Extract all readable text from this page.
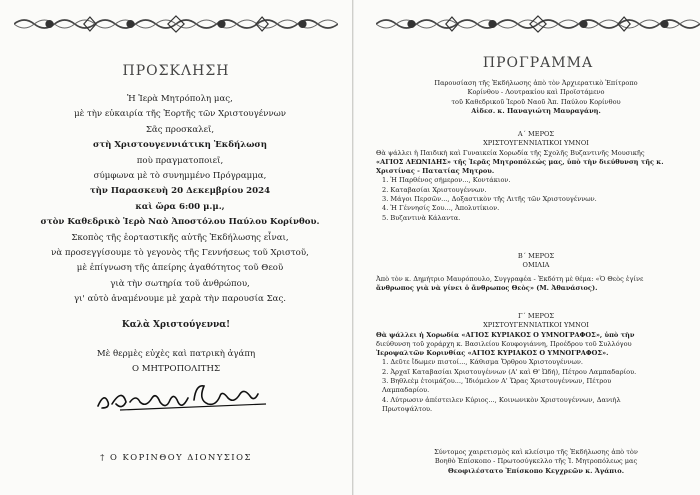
ΠΡΟΣΚΛΗΣΗ
Ἡ Ἱερὰ Μητρόπολη μας,
μὲ τὴν εὐκαιρία τῆς Ἑορτῆς τῶν Χριστουγέννων
Σᾶς προσκαλεῖ,
στὴ Χριστουγεννιάτικη Ἐκδήλωση
ποὺ πραγματοποιεῖ,
σύμφωνα μὲ τὸ συνημμένο Πρόγραμμα,
τὴν Παρασκευὴ 20 Δεκεμβρίου 2024
καὶ ὥρα 6:00 μ.μ.,
στὸν Καθεδρικὸ Ἱερὸ Ναὸ Ἀποστόλου Παύλου Κορίνθου.
Σκοπὸς τῆς ἑορταστικῆς αὐτῆς Ἐκδήλωσης εἶναι,
νὰ προσεγγίσουμε τὸ γεγονὸς τῆς Γεννήσεως τοῦ Χριστοῦ,
μὲ ἐπίγνωση τῆς ἀπείρης ἀγαθότητος τοῦ Θεοῦ
γιὰ τὴν σωτηρία τοῦ ἀνθρώπου,
γι' αὐτὸ ἀναμένουμε μὲ χαρὰ τὴν παρουσία Σας.
Καλὰ Χριστούγεννα!
Μὲ θερμὲς εὐχὲς καὶ πατρικὴ ἀγάπη
Ο ΜΗΤΡΟΠΟΛΙΤΗΣ
† Ο ΚΟΡΙΝΘΟΥ ΔΙΟΝΥΣΙΟΣ
ΠΡΟΓΡΑΜΜΑ
Παρουσίαση τῆς Ἐκδήλωσης ἀπὸ τὸν Ἀρχιερατικὸ Ἐπίτροπο
Κορίνθου - Λουτρακίου καὶ Προϊστάμενο
τοῦ Καθεδρικοῦ Ἱεροῦ Ναοῦ Ἀπ. Παύλου Κορίνθου
Αἰδεσ. κ. Παναγιώτη Μαυραγάνη.
Α΄ ΜΕΡΟΣ
ΧΡΙΣΤΟΥΓΕΝΝΙΑΤΙΚΟΙ ΥΜΝΟΙ
Θὰ ψάλλει ἡ Παιδικὴ καὶ Γυναικεία Χορωδία τῆς Σχολῆς Βυζαντινῆς Μουσικῆς
«ΑΓΙΟΣ ΛΕΩΝΙΔΗΣ» τῆς Ἱερᾶς Μητροπόλεώς μας, ὑπὸ τὴν διεύθυνση τῆς κ.
Χριστίνας - Πατατίας Μητρου.
1. Ἡ Παρθένος σήμερον..., Κοντάκιον.
2. Καταβασίαι Χριστουγέννων.
3. Μάγοι Περσῶν..., Δοξαστικὸν τῆς Λιτῆς τῶν Χριστουγέννων.
4. Ἡ Γέννησίς Σου..., Ἀπολυτίκιον.
5. Βυζαντινὰ Κάλαντα.
Β΄ ΜΕΡΟΣ
ΟΜΙΛΙΑ
Ἀπὸ τὸν κ. Δημήτριο Μαυρόπουλο, Συγγραφέα - Ἐκδότη μὲ θέμα: «Ὁ Θεὸς ἐγίνε
ἄνθρωπος γιὰ νὰ γίνει ὁ ἄνθρωπος Θεὸς» (Μ. Ἀθανάσιος).
Γ΄ ΜΕΡΟΣ
ΧΡΙΣΤΟΥΓΕΝΝΙΑΤΙΚΟΙ ΥΜΝΟΙ
Θὰ ψάλλει ἡ Χορωδία «ΑΓΙΟΣ ΚΥΡΙΑΚΟΣ Ο ΥΜΝΟΓΡΑΦΟΣ», ὑπὸ τὴν
διεύθυνση τοῦ χοράρχη κ. Βασιλείου Κουφογιάννη, Προέδρου τοῦ Συλλόγου
Ἱεροψαλτῶν Κορινθίας «ΑΓΙΟΣ ΚΥΡΙΑΚΟΣ Ο ΥΜΝΟΓΡΑΦΟΣ».
1. Δεῦτε ἴδωμεν πιστοί..., Κάθισμα Ὄρθρου Χριστουγέννων.
2. Ἀρχαῖ Καταβασίαι Χριστουγέννων (Α' καὶ Θ' Ὠδή), Πέτρου Λαμπαδαρίου.
3. Βηθλεὲμ ἑτοιμάζου..., Ἰδιόμελον Α' Ὥρας Χριστουγέννων, Πέτρου
Λαμπαδαρίου.
4. Λύτρωσιν ἀπέστειλεν Κύριος..., Κοινωνικὸν Χριστουγέννων, Δανιὴλ
Πρωτοψάλτου.
Σύντομος χαιρετισμὸς καὶ κλείσιμο τῆς Ἐκδήλωσης ἀπὸ τὸν
Βοηθὸ Ἐπίσκοπο - Πρωτοσύγκελλο τῆς Ἱ. Μητροπόλεως μας
Θεοφιλέστατο Ἐπίσκοπο Κεγχρεῶν κ. Ἀγάπιο.
